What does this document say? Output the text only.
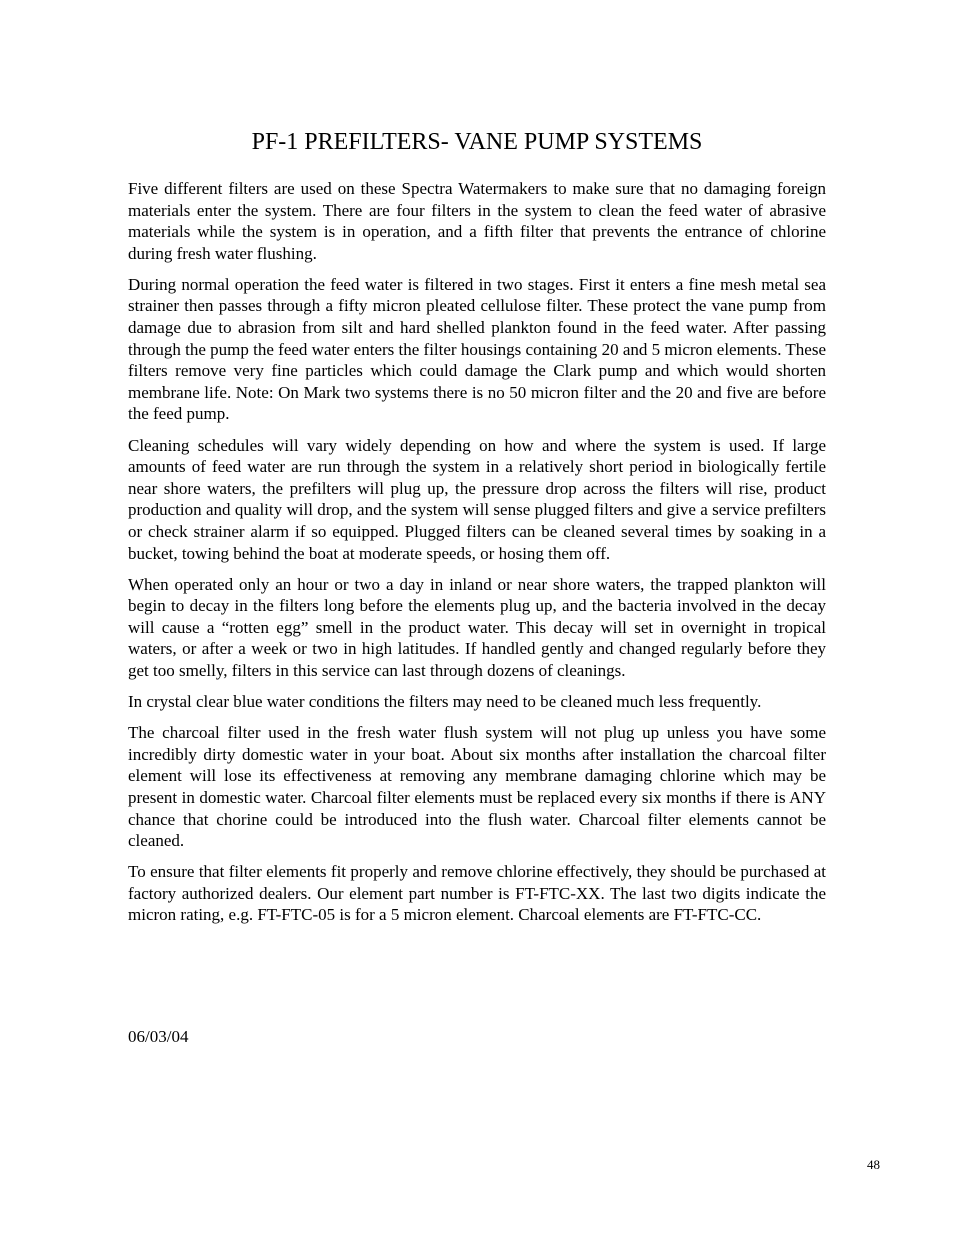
PF-1 PREFILTERS- VANE PUMP SYSTEMS

Five different filters are used on these Spectra Watermakers to make sure that no damaging foreign materials enter the system. There are four filters in the system to clean the feed water of abrasive materials while the system is in operation, and a fifth filter that prevents the entrance of chlorine during fresh water flushing.

During normal operation the feed water is filtered in two stages. First it enters a fine mesh metal sea strainer then passes through a fifty micron pleated cellulose filter. These protect the vane pump from damage due to abrasion from silt and hard shelled plankton found in the feed water. After passing through the pump the feed water enters the filter housings containing 20 and 5 micron elements. These filters remove very fine particles which could damage the Clark pump and which would shorten membrane life. Note: On Mark two systems there is no 50 micron filter and the 20 and five are before the feed pump.

Cleaning schedules will vary widely depending on how and where the system is used. If large amounts of feed water are run through the system in a relatively short period in biologically fertile near shore waters, the prefilters will plug up, the pressure drop across the filters will rise, product production and quality will drop, and the system will sense plugged filters and give a service prefilters or check strainer alarm if so equipped. Plugged filters can be cleaned several times by soaking in a bucket, towing behind the boat at moderate speeds, or hosing them off.

When operated only an hour or two a day in inland or near shore waters, the trapped plankton will begin to decay in the filters long before the elements plug up, and the bacteria involved in the decay will cause a “rotten egg” smell in the product water. This decay will set in overnight in tropical waters, or after a week or two in high latitudes. If handled gently and changed regularly before they get too smelly, filters in this service can last through dozens of cleanings.

In crystal clear blue water conditions the filters may need to be cleaned much less frequently.

The charcoal filter used in the fresh water flush system will not plug up unless you have some incredibly dirty domestic water in your boat. About six months after installation the charcoal filter element will lose its effectiveness at removing any membrane damaging chlorine which may be present in domestic water. Charcoal filter elements must be replaced every six months if there is ANY chance that chorine could be introduced into the flush water. Charcoal filter elements cannot be cleaned.

To ensure that filter elements fit properly and remove chlorine effectively, they should be purchased at factory authorized dealers. Our element part number is FT-FTC-XX. The last two digits indicate the micron rating, e.g. FT-FTC-05 is for a 5 micron element. Charcoal elements are FT-FTC-CC.

06/03/04

48
